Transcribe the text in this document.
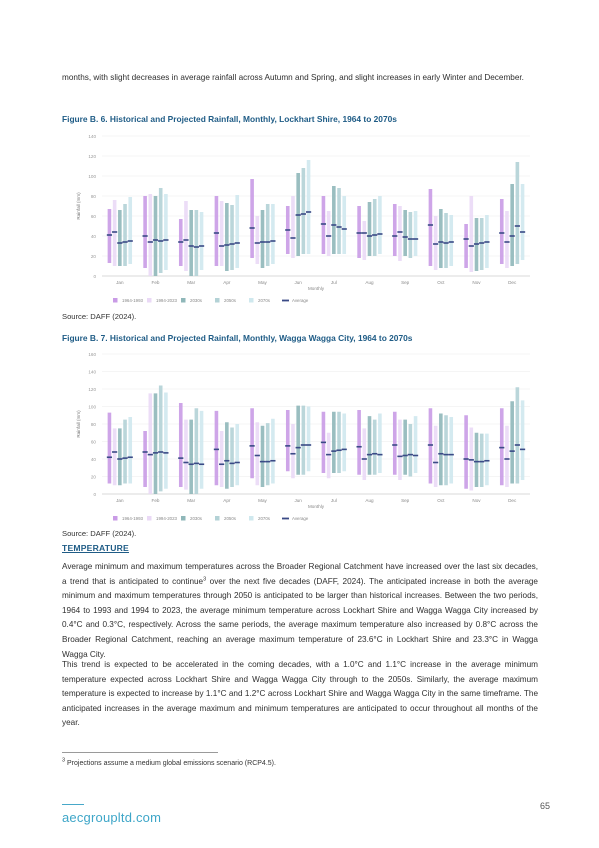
months, with slight decreases in average rainfall across Autumn and Spring, and slight increases in early Winter and December.
Figure B. 6. Historical and Projected Rainfall, Monthly, Lockhart Shire, 1964 to 2070s
0
20
40
60
80
100
120
140
Rainfall (mm)
Jan	Feb	Mar	Apr	May	Jun	Jul	Aug	Sep	Oct	Nov	Dec
Monthly
1964-1993	1994-2023	2030s	2050s	2070s	Average
Source: DAFF (2024).
Figure B. 7. Historical and Projected Rainfall, Monthly, Wagga Wagga City, 1964 to 2070s
0
20
40
60
80
100
120
140
160
Rainfall (mm)
Jan	Feb	Mar	Apr	May	Jun	Jul	Aug	Sep	Oct	Nov	Dec
Monthly
1964-1993	1994-2023	2030s	2050s	2070s	Average
Source: DAFF (2024).
TEMPERATURE
Average minimum and maximum temperatures across the Broader Regional Catchment have increased over the last six decades, a trend that is anticipated to continue$^3$ over the next five decades (DAFF, 2024). The anticipated increase in both the average minimum and maximum temperatures through 2050 is anticipated to be larger than historical increases. Between the two periods, 1964 to 1993 and 1994 to 2023, the average minimum temperature across Lockhart Shire and Wagga Wagga City increased by 0.4°C and 0.3°C, respectively. Across the same periods, the average maximum temperature also increased by 0.8°C across the Broader Regional Catchment, reaching an average maximum temperature of 23.6°C in Lockhart Shire and 23.3°C in Wagga Wagga City.
This trend is expected to be accelerated in the coming decades, with a 1.0°C and 1.1°C increase in the average minimum temperature expected across Lockhart Shire and Wagga Wagga City through to the 2050s. Similarly, the average maximum temperature is expected to increase by 1.1°C and 1.2°C across Lockhart Shire and Wagga Wagga City in the same timeframe. The anticipated increases in the average maximum and minimum temperatures are anticipated to occur throughout all months of the year.
$^3$ Projections assume a medium global emissions scenario (RCP4.5).
65
aecgroupltd.com
